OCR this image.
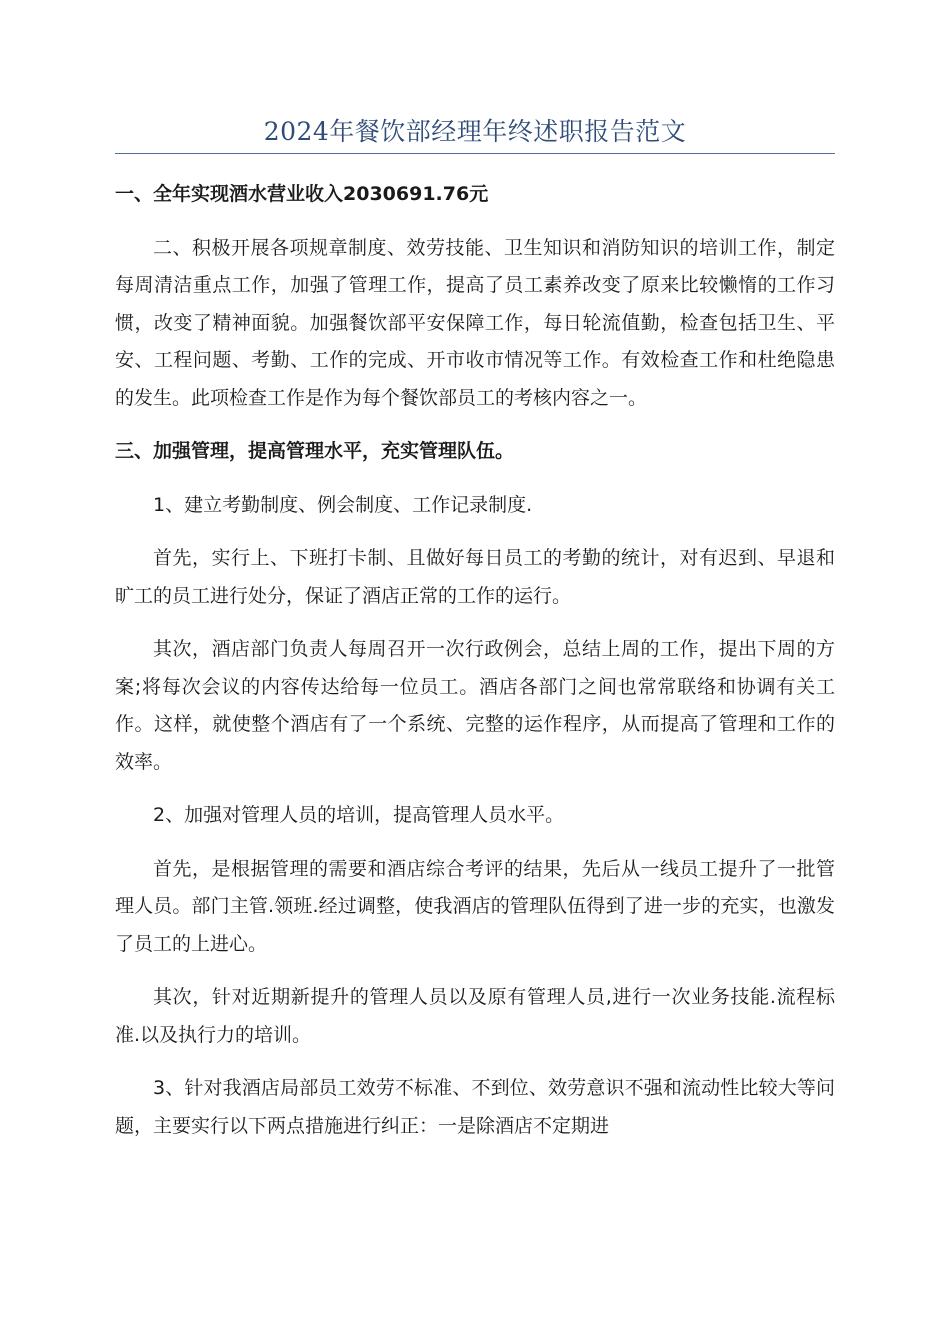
2024年餐饮部经理年终述职报告范文

一、全年实现酒水营业收入2030691.76元

二、积极开展各项规章制度、效劳技能、卫生知识和消防知识的培训工作，制定每周清洁重点工作，加强了管理工作，提高了员工素养改变了原来比较懒惰的工作习惯，改变了精神面貌。加强餐饮部平安保障工作，每日轮流值勤，检查包括卫生、平安、工程问题、考勤、工作的完成、开市收市情况等工作。有效检查工作和杜绝隐患的发生。此项检查工作是作为每个餐饮部员工的考核内容之一。

三、加强管理，提高管理水平，充实管理队伍。

1、建立考勤制度、例会制度、工作记录制度.

首先，实行上、下班打卡制、且做好每日员工的考勤的统计，对有迟到、早退和旷工的员工进行处分，保证了酒店正常的工作的运行。

其次，酒店部门负责人每周召开一次行政例会，总结上周的工作，提出下周的方案;将每次会议的内容传达给每一位员工。酒店各部门之间也常常联络和协调有关工作。这样，就使整个酒店有了一个系统、完整的运作程序，从而提高了管理和工作的效率。

2、加强对管理人员的培训，提高管理人员水平。

首先，是根据管理的需要和酒店综合考评的结果，先后从一线员工提升了一批管理人员。部门主管.领班.经过调整，使我酒店的管理队伍得到了进一步的充实，也激发了员工的上进心。

其次，针对近期新提升的管理人员以及原有管理人员,进行一次业务技能.流程标准.以及执行力的培训。

3、针对我酒店局部员工效劳不标准、不到位、效劳意识不强和流动性比较大等问题，主要实行以下两点措施进行纠正：一是除酒店不定期进
